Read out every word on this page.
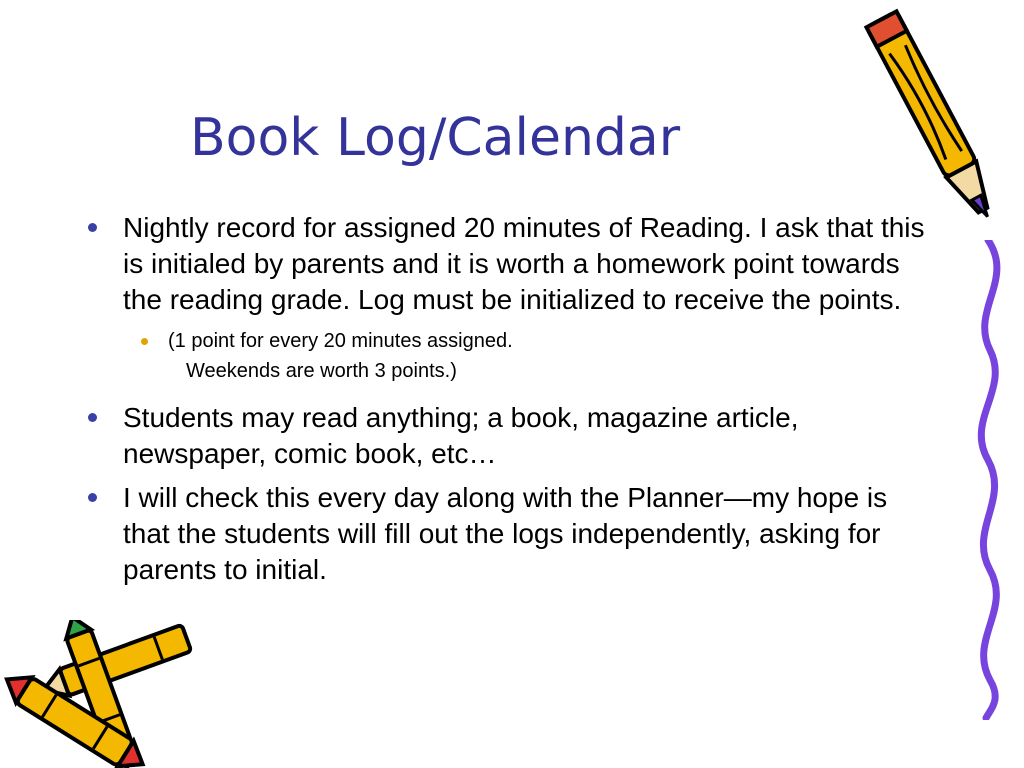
Book Log/Calendar
Nightly record for assigned 20 minutes of Reading. I ask that this is initialed by parents and it is worth a homework point towards the reading grade. Log must be initialized to receive the points.
(1 point for every 20 minutes assigned.
Weekends are worth 3 points.)
Students may read anything; a book, magazine article, newspaper, comic book, etc…
I will check this every day along with the Planner—my hope is that the students will fill out the logs independently, asking for parents to initial.
